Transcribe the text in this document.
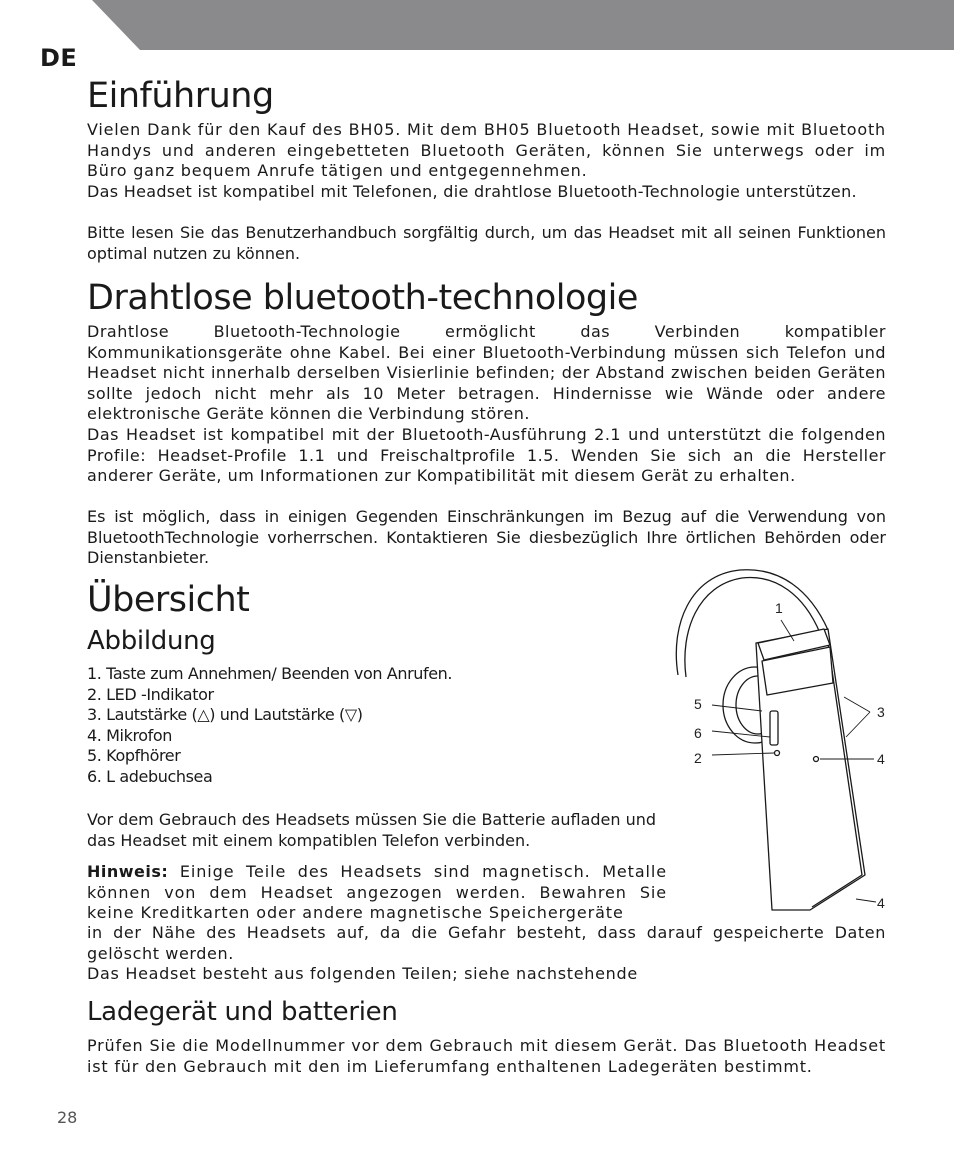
DE
Einführung

Vielen Dank für den Kauf des BH05. Mit dem BH05 Bluetooth Headset, sowie mit Bluetooth Handys und anderen eingebetteten Bluetooth Geräten, können Sie unterwegs oder im Büro ganz bequem Anrufe tätigen und entgegennehmen.

Das Headset ist kompatibel mit Telefonen, die drahtlose Bluetooth-Technologie unterstützen.

Bitte lesen Sie das Benutzerhandbuch sorgfältig durch, um das Headset mit all seinen Funktionen optimal nutzen zu können.

Drahtlose bluetooth-technologie

Drahtlose Bluetooth-Technologie ermöglicht das Verbinden kompatibler Kommunikationsgeräte ohne Kabel. Bei einer Bluetooth-Verbindung müssen sich Telefon und Headset nicht innerhalb derselben Visierlinie befinden; der Abstand zwischen beiden Geräten sollte jedoch nicht mehr als 10 Meter betragen. Hindernisse wie Wände oder andere elektronische Geräte können die Verbindung stören.

Das Headset ist kompatibel mit der Bluetooth-Ausführung 2.1 und unterstützt die folgenden Profile: Headset-Profile 1.1 und Freischaltprofile 1.5. Wenden Sie sich an die Hersteller anderer Geräte, um Informationen zur Kompatibilität mit diesem Gerät zu erhalten.

Es ist möglich, dass in einigen Gegenden Einschränkungen im Bezug auf die Verwendung von BluetoothTechnologie vorherrschen. Kontaktieren Sie diesbezüglich Ihre örtlichen Behörden oder Dienstanbieter.

Übersicht
Abbildung
1. Taste zum Annehmen/ Beenden von Anrufen.
2. LED -Indikator
3. Lautstärke (△) und Lautstärke (▽)
4. Mikrofon
5. Kopfhörer
6. L adebuchsea

Vor dem Gebrauch des Headsets müssen Sie die Batterie aufladen und das Headset mit einem kompatiblen Telefon verbinden.

Hinweis: Einige Teile des Headsets sind magnetisch. Metalle können von dem Headset angezogen werden. Bewahren Sie keine Kreditkarten oder andere magnetische Speichergeräte

in der Nähe des Headsets auf, da die Gefahr besteht, dass darauf gespeicherte Daten gelöscht werden.

Das Headset besteht aus folgenden Teilen; siehe nachstehende

Ladegerät und batterien

Prüfen Sie die Modellnummer vor dem Gebrauch mit diesem Gerät. Das Bluetooth Headset ist für den Gebrauch mit den im Lieferumfang enthaltenen Ladegeräten bestimmt.

1
5
6
2
3
4
4
28
